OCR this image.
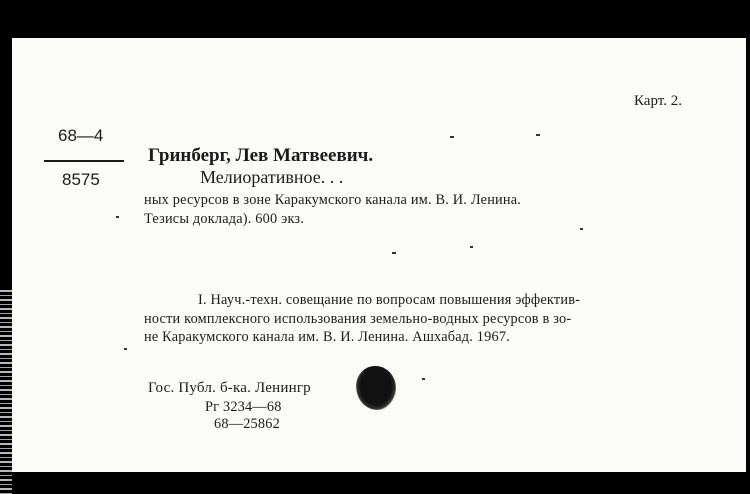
Карт. 2.
68—4
8575
Гринберг, Лев Матвеевич.
Мелиоративное. . .
ных ресурсов в зоне Каракумского канала им. В. И. Ленина.
Тезисы доклада). 600 экз.
I. Науч.-техн. совещание по вопросам повышения эффектив-
ности комплексного использования земельно-водных ресурсов в зо-
не Каракумского канала им. В. И. Ленина. Ашхабад. 1967.
Гос. Публ. б-ка. Ленингр
Рг 3234—68
68—25862
